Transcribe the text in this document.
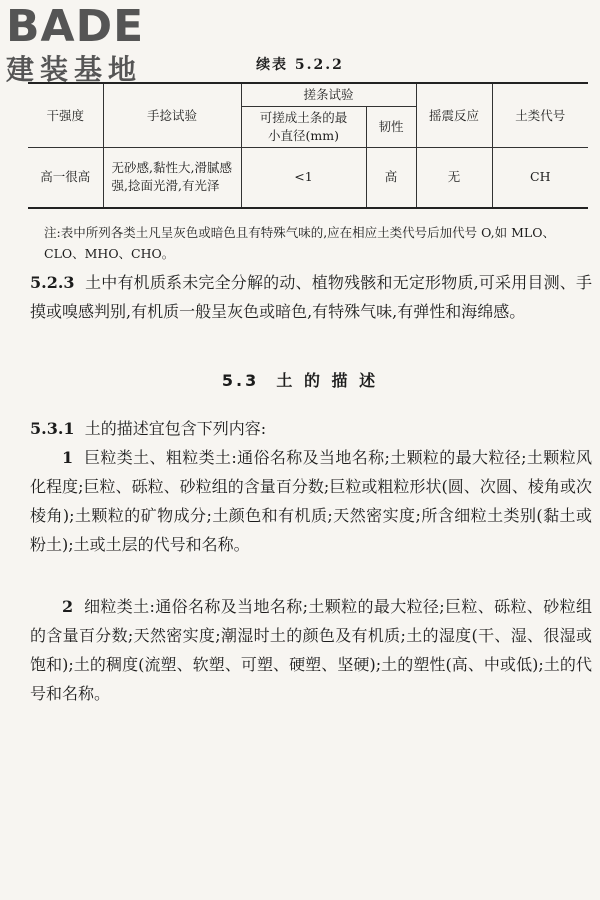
BADE
建装基地	续表 5.2.2
干强度	手捻试验	搓条试验		摇震反应	土类代号
		可搓成土条的最小直径(mm)	韧性		
高一很高	无砂感,黏性大,滑腻感强,捻面光滑,有光泽	<1	高	无	CH
注:表中所列各类土凡呈灰色或暗色且有特殊气味的,应在相应土类代号后加代号 O,如 MLO、CLO、MHO、CHO。
5.2.3 土中有机质系未完全分解的动、植物残骸和无定形物质,可采用目测、手摸或嗅感判别,有机质一般呈灰色或暗色,有特殊气味,有弹性和海绵感。
5.3 土 的 描 述
5.3.1 土的描述宜包含下列内容:
1 巨粒类土、粗粒类土:通俗名称及当地名称;土颗粒的最大粒径;土颗粒风化程度;巨粒、砾粒、砂粒组的含量百分数;巨粒或粗粒形状(圆、次圆、棱角或次棱角);土颗粒的矿物成分;土颜色和有机质;天然密实度;所含细粒土类别(黏土或粉土);土或土层的代号和名称。
2 细粒类土:通俗名称及当地名称;土颗粒的最大粒径;巨粒、砾粒、砂粒组的含量百分数;天然密实度;潮湿时土的颜色及有机质;土的湿度(干、湿、很湿或饱和);土的稠度(流塑、软塑、可塑、硬塑、坚硬);土的塑性(高、中或低);土的代号和名称。
